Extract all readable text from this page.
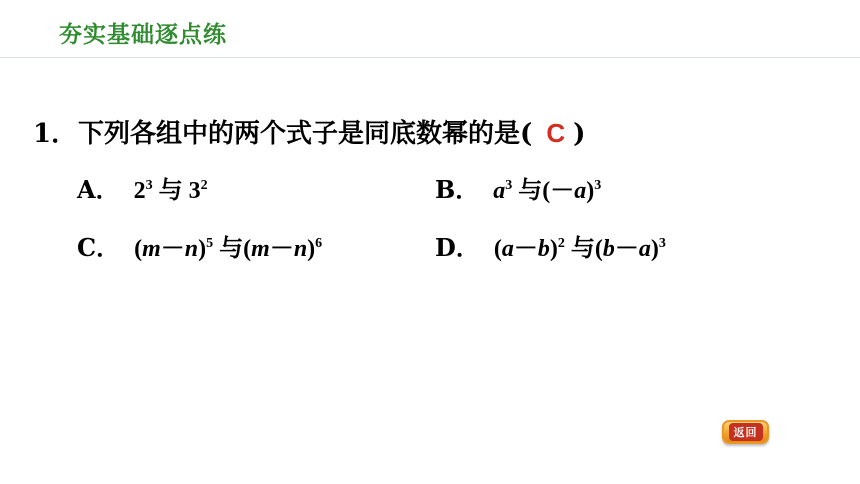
夯实基础逐点练
1．下列各组中的两个式子是同底数幂的是( C )
A． $2^3$ 与 $3^2$	B． $a^3$ 与$(-a)^3$
C． $(m-n)^5$ 与$(m-n)^6$	D． $(a-b)^2$ 与$(b-a)^3$
返回
